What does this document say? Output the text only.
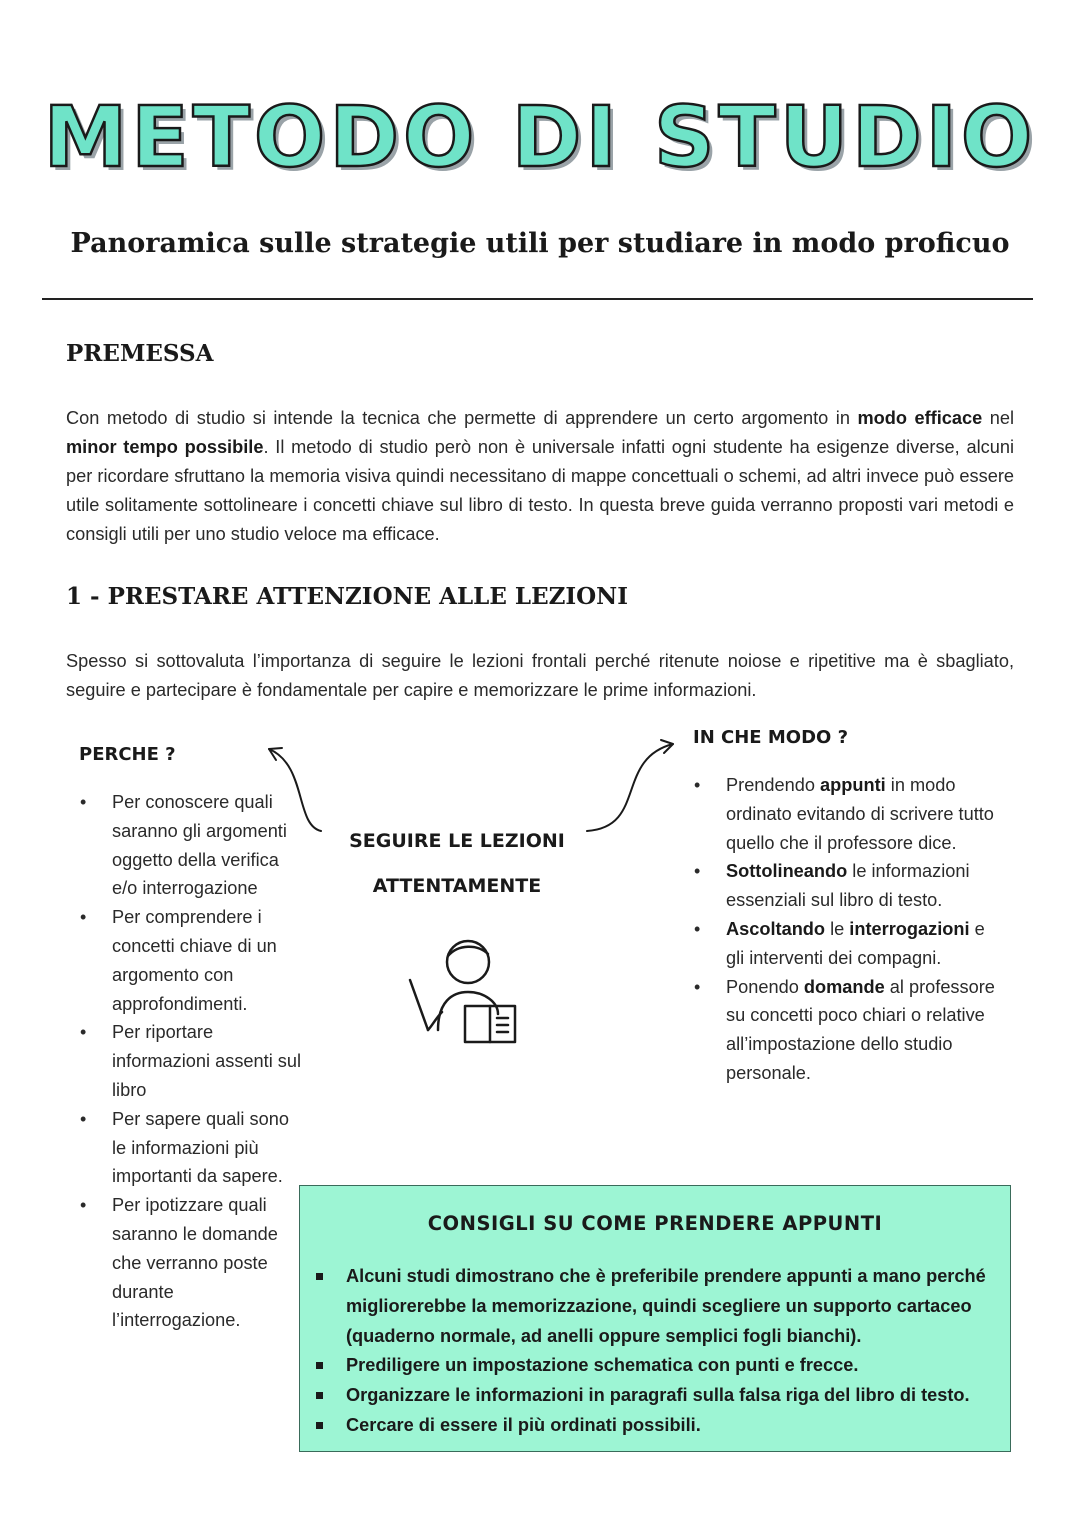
METODO DI STUDIO
Panoramica sulle strategie utili per studiare in modo proficuo
PREMESSA
Con metodo di studio si intende la tecnica che permette di apprendere un certo argomento in modo efficace nel minor tempo possibile. Il metodo di studio però non è universale infatti ogni studente ha esigenze diverse, alcuni per ricordare sfruttano la memoria visiva quindi necessitano di mappe concettuali o schemi, ad altri invece può essere utile solitamente sottolineare i concetti chiave sul libro di testo. In questa breve guida verranno proposti vari metodi e consigli utili per uno studio veloce ma efficace.
1 - PRESTARE ATTENZIONE ALLE LEZIONI
Spesso si sottovaluta l’importanza di seguire le lezioni frontali perché ritenute noiose e ripetitive ma è sbagliato, seguire e partecipare è fondamentale per capire e memorizzare le prime informazioni.
PERCHE ?
• Per conoscere quali saranno gli argomenti oggetto della verifica e/o interrogazione
• Per comprendere i concetti chiave di un argomento con approfondimenti.
• Per riportare informazioni assenti sul libro
• Per sapere quali sono le informazioni più importanti da sapere.
• Per ipotizzare quali saranno le domande che verranno poste durante l’interrogazione.
SEGUIRE LE LEZIONI
ATTENTAMENTE
IN CHE MODO ?
• Prendendo appunti in modo ordinato evitando di scrivere tutto quello che il professore dice.
• Sottolineando le informazioni essenziali sul libro di testo.
• Ascoltando le interrogazioni e gli interventi dei compagni.
• Ponendo domande al professore su concetti poco chiari o relative all’impostazione dello studio personale.
CONSIGLI SU COME PRENDERE APPUNTI
Alcuni studi dimostrano che è preferibile prendere appunti a mano perché migliorerebbe la memorizzazione, quindi scegliere un supporto cartaceo (quaderno normale, ad anelli oppure semplici fogli bianchi).
Prediligere un impostazione schematica con punti e frecce.
Organizzare le informazioni in paragrafi sulla falsa riga del libro di testo.
Cercare di essere il più ordinati possibili.
